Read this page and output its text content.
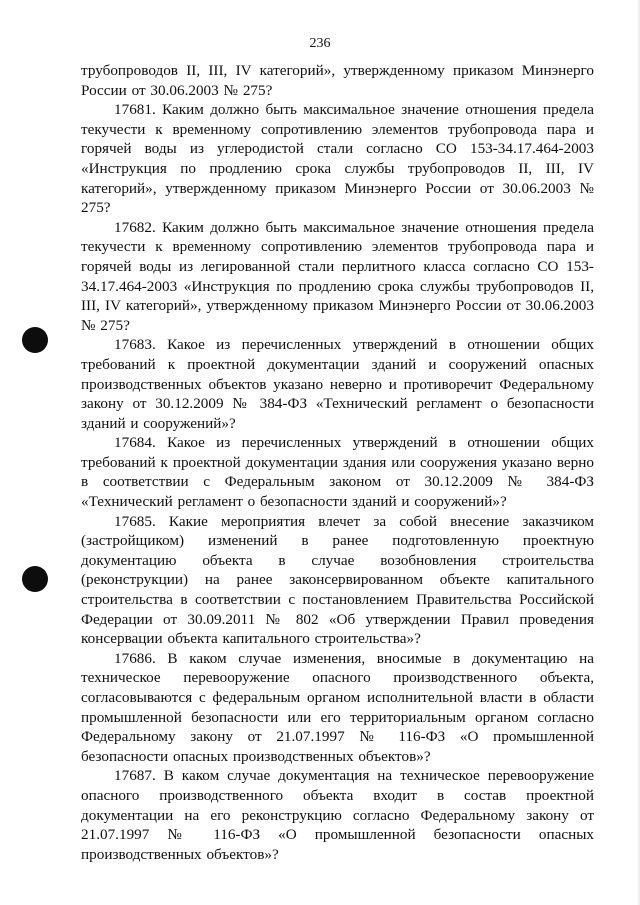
236

трубопроводов II, III, IV категорий», утвержденному приказом Минэнерго России от 30.06.2003 № 275?

17681. Каким должно быть максимальное значение отношения предела текучести к временному сопротивлению элементов трубопровода пара и горячей воды из углеродистой стали согласно СО 153-34.17.464-2003 «Инструкция по продлению срока службы трубопроводов II, III, IV категорий», утвержденному приказом Минэнерго России от 30.06.2003 № 275?

17682. Каким должно быть максимальное значение отношения предела текучести к временному сопротивлению элементов трубопровода пара и горячей воды из легированной стали перлитного класса согласно СО 153-34.17.464-2003 «Инструкция по продлению срока службы трубопроводов II, III, IV категорий», утвержденному приказом Минэнерго России от 30.06.2003 № 275?

17683. Какое из перечисленных утверждений в отношении общих требований к проектной документации зданий и сооружений опасных производственных объектов указано неверно и противоречит Федеральному закону от 30.12.2009 № 384-ФЗ «Технический регламент о безопасности зданий и сооружений»?

17684. Какое из перечисленных утверждений в отношении общих требований к проектной документации здания или сооружения указано верно в соответствии с Федеральным законом от 30.12.2009 № 384-ФЗ «Технический регламент о безопасности зданий и сооружений»?

17685. Какие мероприятия влечет за собой внесение заказчиком (застройщиком) изменений в ранее подготовленную проектную документацию объекта в случае возобновления строительства (реконструкции) на ранее законсервированном объекте капитального строительства в соответствии с постановлением Правительства Российской Федерации от 30.09.2011 № 802 «Об утверждении Правил проведения консервации объекта капитального строительства»?

17686. В каком случае изменения, вносимые в документацию на техническое перевооружение опасного производственного объекта, согласовываются с федеральным органом исполнительной власти в области промышленной безопасности или его территориальным органом согласно Федеральному закону от 21.07.1997 № 116-ФЗ «О промышленной безопасности опасных производственных объектов»?

17687. В каком случае документация на техническое перевооружение опасного производственного объекта входит в состав проектной документации на его реконструкцию согласно Федеральному закону от 21.07.1997 № 116-ФЗ «О промышленной безопасности опасных производственных объектов»?
